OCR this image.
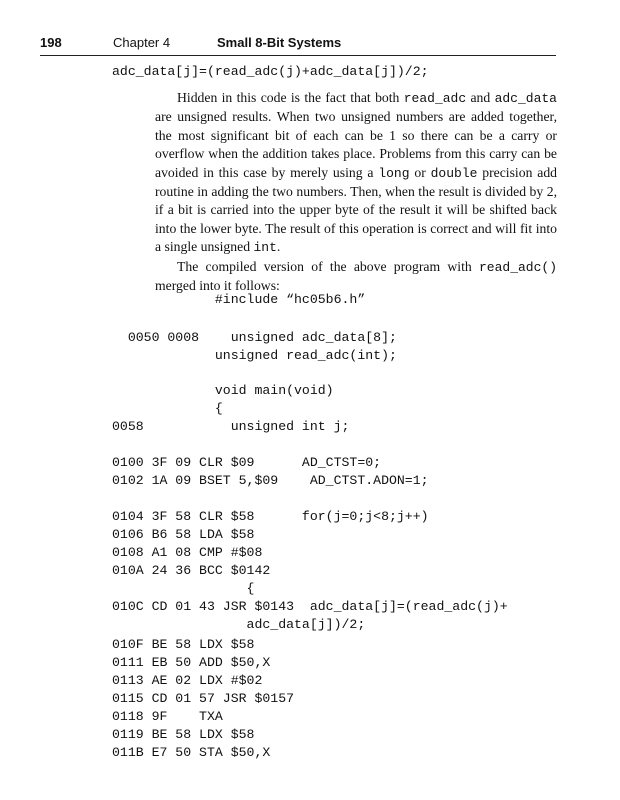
198	Chapter 4	Small 8-Bit Systems
adc_data[j]=(read_adc(j)+adc_data[j])/2;

Hidden in this code is the fact that both read_adc and adc_data are unsigned results. When two unsigned numbers are added together, the most significant bit of each can be 1 so there can be a carry or overflow when the addition takes place. Problems from this carry can be avoided in this case by merely using a long or double precision add routine in adding the two numbers. Then, when the result is divided by 2, if a bit is carried into the upper byte of the result it will be shifted back into the lower byte. The result of this operation is correct and will fit into a single unsigned int.

The compiled version of the above program with read_adc() merged into it follows:

#include “hc05b6.h”
0050 0008    unsigned adc_data[8];
unsigned read_adc(int);
void main(void)
{
0058           unsigned int j;
0100 3F 09 CLR $09      AD_CTST=0;
0102 1A 09 BSET 5,$09    AD_CTST.ADON=1;
0104 3F 58 CLR $58      for(j=0;j<8;j++)
0106 B6 58 LDA $58
0108 A1 08 CMP #$08
010A 24 36 BCC $0142
{
010C CD 01 43 JSR $0143  adc_data[j]=(read_adc(j)+
adc_data[j])/2;
010F BE 58 LDX $58
0111 EB 50 ADD $50,X
0113 AE 02 LDX #$02
0115 CD 01 57 JSR $0157
0118 9F    TXA
0119 BE 58 LDX $58
011B E7 50 STA $50,X
